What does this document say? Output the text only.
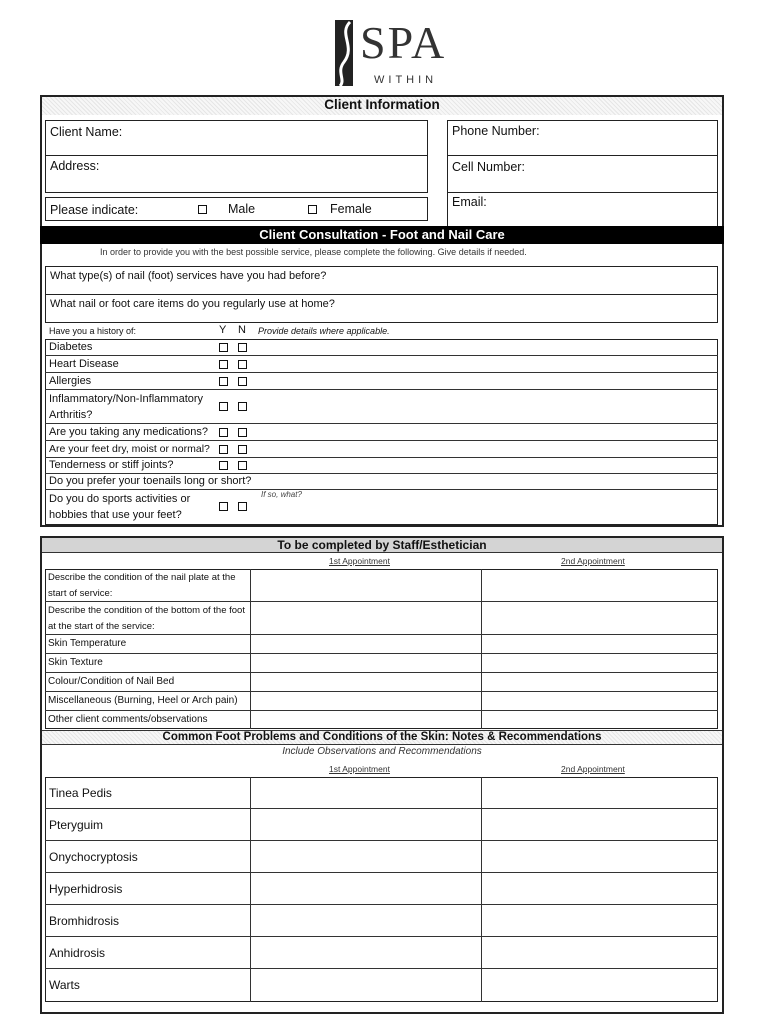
SPA
WITHIN
Client Information
Client Name:
Address:
Please indicate:	Male	Female
Phone Number:
Cell Number:
Email:
Client Consultation - Foot and Nail Care
In order to provide you with the best possible service, please complete the following. Give details if needed.
What type(s) of nail (foot) services have you had before?
What nail or foot care items do you regularly use at home?
Have you a history of:	Y N Provide details where applicable.
Diabetes
Heart Disease
Allergies
Inflammatory/Non-Inflammatory Arthritis?
Are you taking any medications?
Are your feet dry, moist or normal?
Tenderness or stiff joints?
Do you prefer your toenails long or short?
Do you do sports activities or hobbies that use your feet?
If so, what?
To be completed by Staff/Esthetician
1st Appointment	2nd Appointment
Describe the condition of the nail plate at the start of service:
Describe the condition of the bottom of the foot at the start of the service:
Skin Temperature
Skin Texture
Colour/Condition of Nail Bed
Miscellaneous (Burning, Heel or Arch pain)
Other client comments/observations
Common Foot Problems and Conditions of the Skin: Notes & Recommendations
Include Observations and Recommendations
1st Appointment	2nd Appointment
Tinea Pedis
Pteryguim
Onychocryptosis
Hyperhidrosis
Bromhidrosis
Anhidrosis
Warts
